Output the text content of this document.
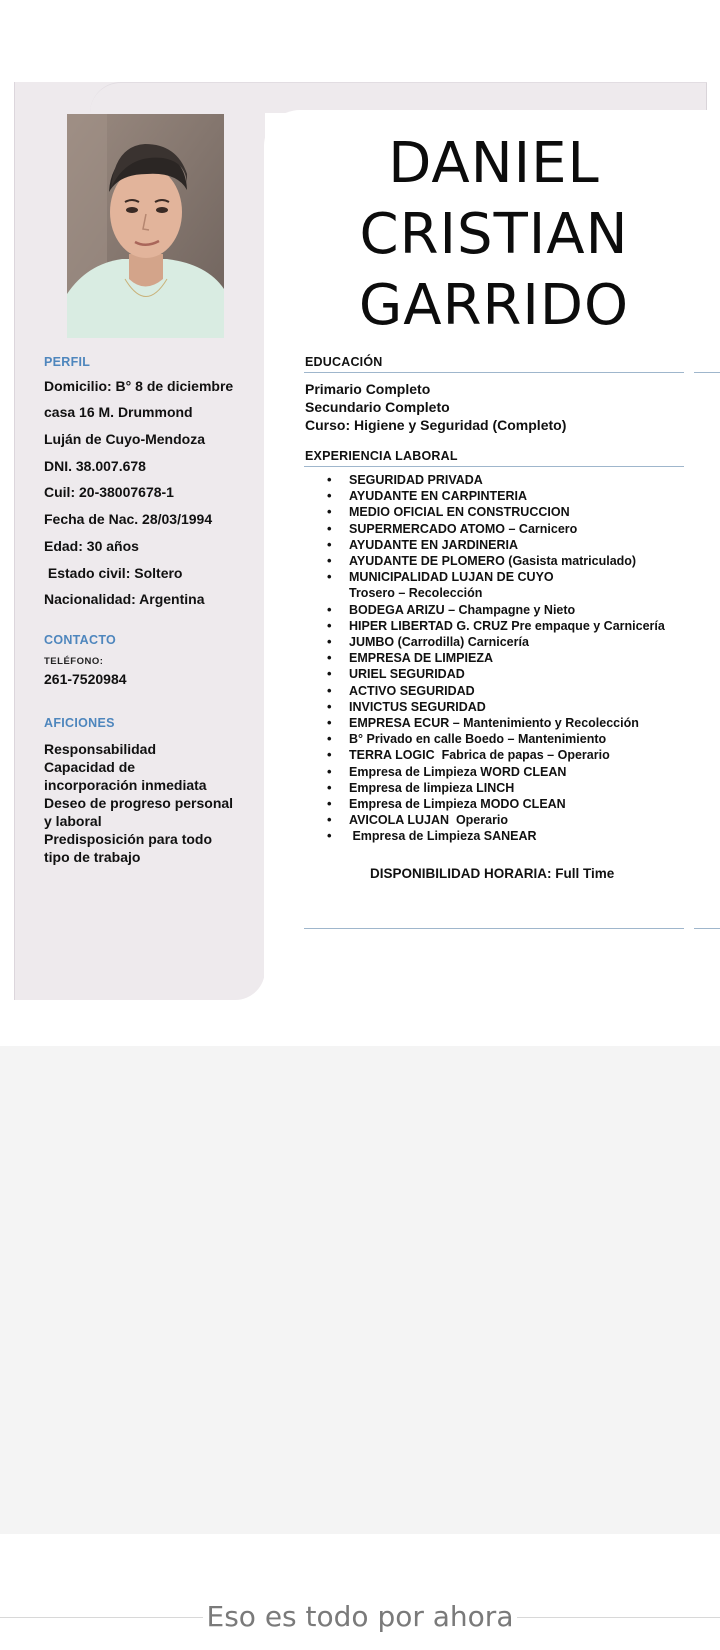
DANIEL
CRISTIAN
GARRIDO
PERFIL
Domicilio: B° 8 de diciembre
casa 16 M. Drummond
Luján de Cuyo-Mendoza
DNI. 38.007.678
Cuil: 20-38007678-1
Fecha de Nac. 28/03/1994
Edad: 30 años
Estado civil: Soltero
Nacionalidad: Argentina
CONTACTO
TELÉFONO:
261-7520984
AFICIONES
Responsabilidad
Capacidad de
incorporación inmediata
Deseo de progreso personal
y laboral
Predisposición para todo
tipo de trabajo
EDUCACIÓN
Primario Completo
Secundario Completo
Curso: Higiene y Seguridad (Completo)
EXPERIENCIA LABORAL
• SEGURIDAD PRIVADA
• AYUDANTE EN CARPINTERIA
• MEDIO OFICIAL EN CONSTRUCCION
• SUPERMERCADO ATOMO – Carnicero
• AYUDANTE EN JARDINERIA
• AYUDANTE DE PLOMERO (Gasista matriculado)
• MUNICIPALIDAD LUJAN DE CUYO
Trosero – Recolección
• BODEGA ARIZU – Champagne y Nieto
• HIPER LIBERTAD G. CRUZ Pre empaque y Carnicería
• JUMBO (Carrodilla) Carnicería
• EMPRESA DE LIMPIEZA
• URIEL SEGURIDAD
• ACTIVO SEGURIDAD
• INVICTUS SEGURIDAD
• EMPRESA ECUR – Mantenimiento y Recolección
• B° Privado en calle Boedo – Mantenimiento
• TERRA LOGIC  Fabrica de papas – Operario
• Empresa de Limpieza WORD CLEAN
• Empresa de limpieza LINCH
• Empresa de Limpieza MODO CLEAN
• AVICOLA LUJAN  Operario
• Empresa de Limpieza SANEAR
DISPONIBILIDAD HORARIA: Full Time
Eso es todo por ahora
